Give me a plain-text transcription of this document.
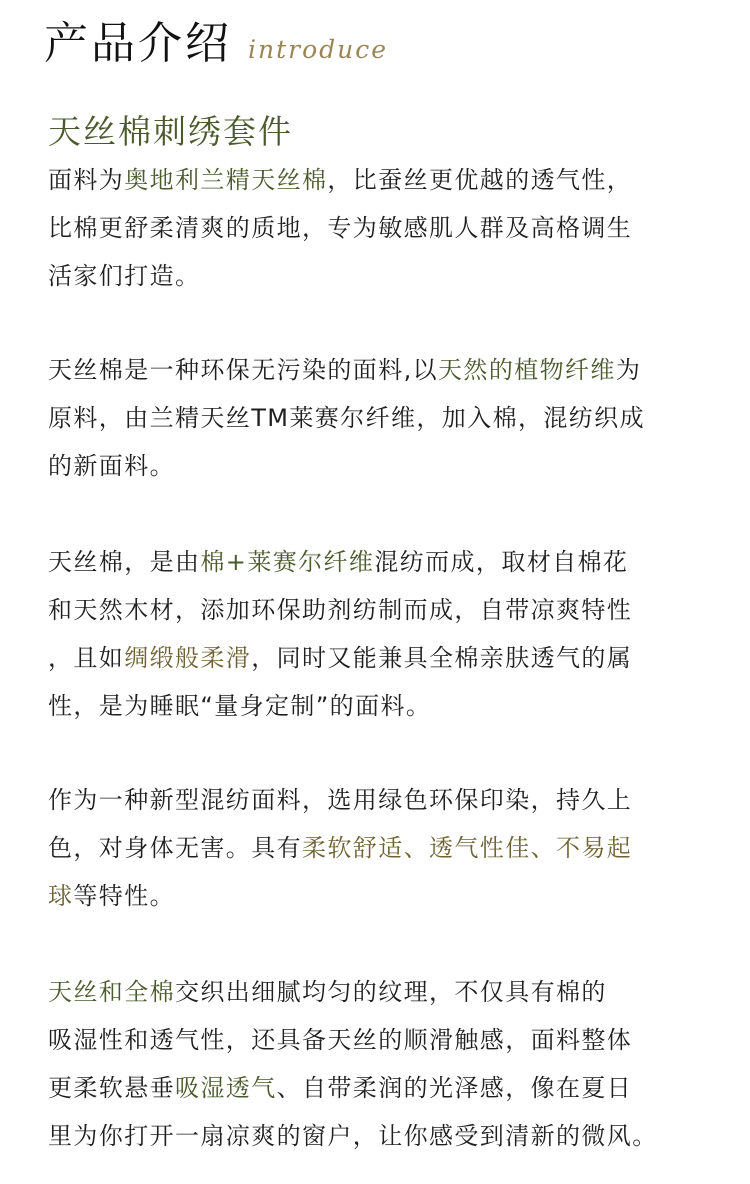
产品介绍 introduce
天丝棉刺绣套件

面料为奥地利兰精天丝棉，比蚕丝更优越的透气性，
比棉更舒柔清爽的质地，专为敏感肌人群及高格调生
活家们打造。

天丝棉是一种环保无污染的面料,以天然的植物纤维为
原料，由兰精天丝TM莱赛尔纤维，加入棉，混纺织成
的新面料。

天丝棉，是由棉+莱赛尔纤维混纺而成，取材自棉花
和天然木材，添加环保助剂纺制而成，自带凉爽特性
，且如绸缎般柔滑，同时又能兼具全棉亲肤透气的属
性，是为睡眠“量身定制”的面料。

作为一种新型混纺面料，选用绿色环保印染，持久上
色，对身体无害。具有柔软舒适、透气性佳、不易起
球等特性。

天丝和全棉交织出细腻均匀的纹理，不仅具有棉的
吸湿性和透气性，还具备天丝的顺滑触感，面料整体
更柔软悬垂吸湿透气、自带柔润的光泽感，像在夏日
里为你打开一扇凉爽的窗户，让你感受到清新的微风。
